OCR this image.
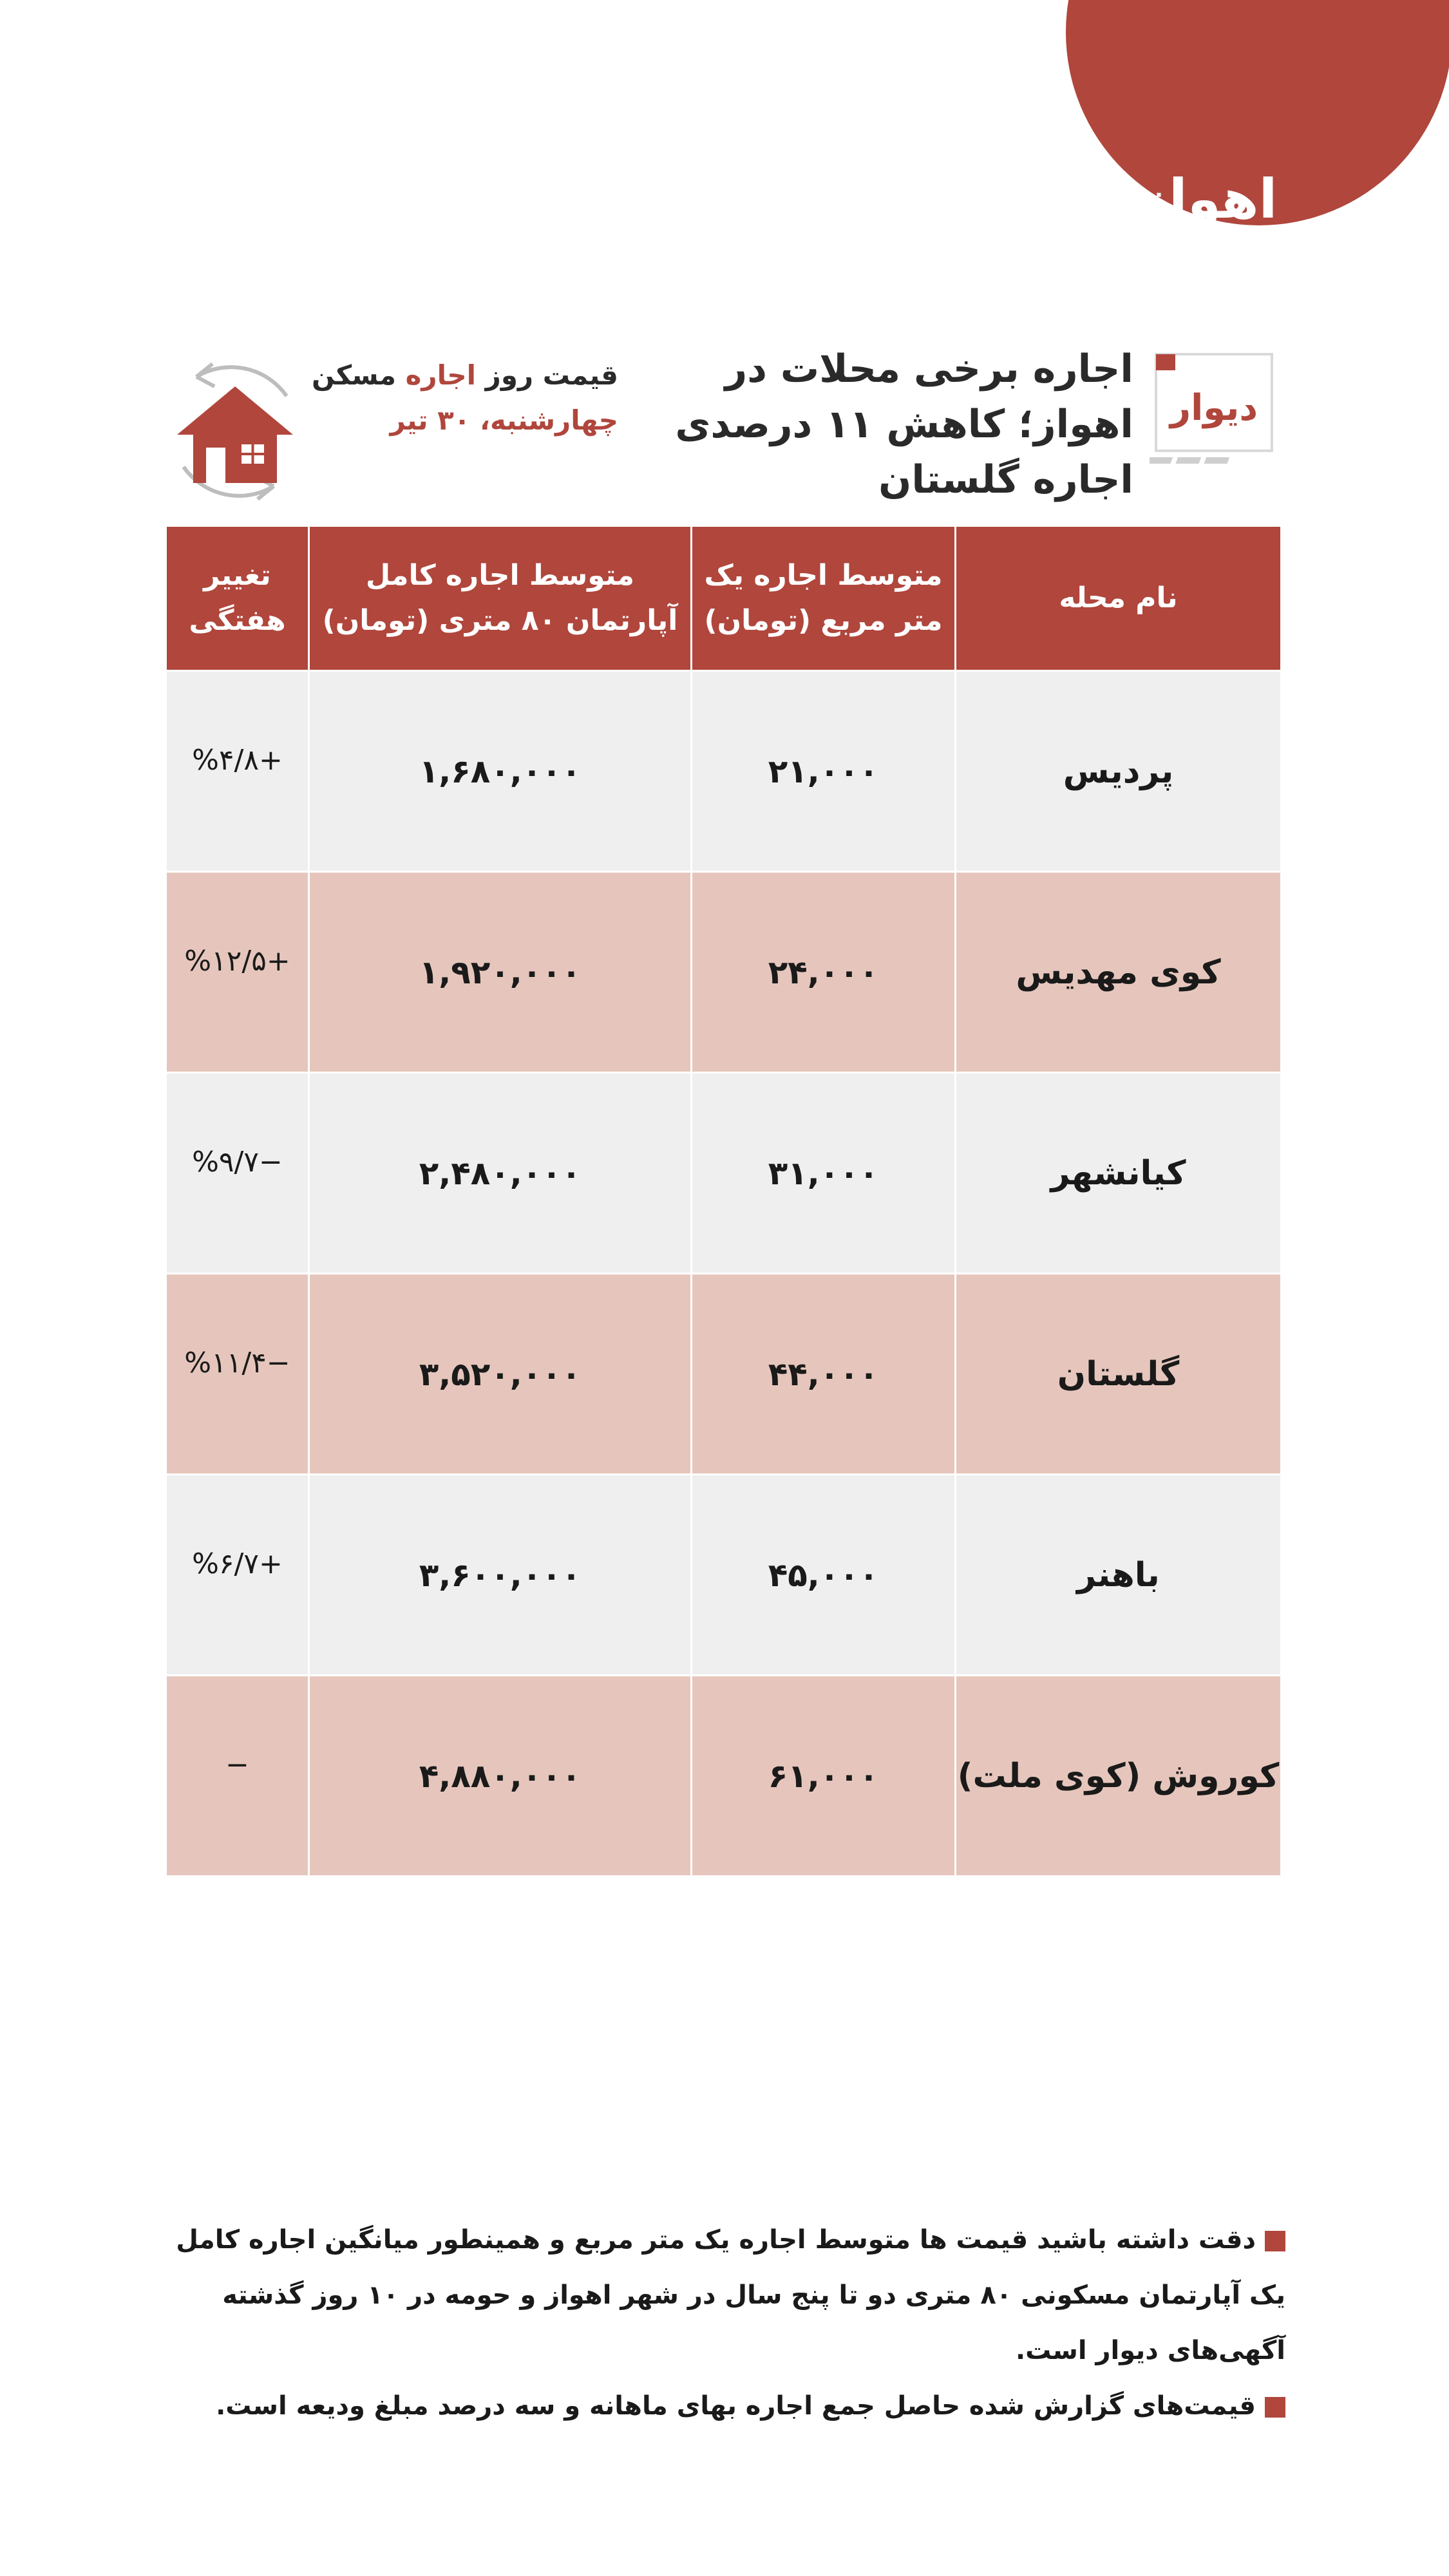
اهواز
دیوار
اجاره برخی محلات در
اهواز؛ کاهش ۱۱ درصدی
اجاره گلستان
قیمت روز اجاره مسکن
چهارشنبه، ۳۰ تیر
نام محله	متوسط اجاره یک متر مربع (تومان)	متوسط اجاره کامل آپارتمان ۸۰ متری (تومان)	تغییر هفتگی
پردیس	۲۱,۰۰۰	۱,۶۸۰,۰۰۰	+%۴/۸
کوی مهدیس	۲۴,۰۰۰	۱,۹۲۰,۰۰۰	+%۱۲/۵
کیانشهر	۳۱,۰۰۰	۲,۴۸۰,۰۰۰	−%۹/۷
گلستان	۴۴,۰۰۰	۳,۵۲۰,۰۰۰	−%۱۱/۴
باهنر	۴۵,۰۰۰	۳,۶۰۰,۰۰۰	+%۶/۷
کوروش (کوی ملت)	۶۱,۰۰۰	۴,۸۸۰,۰۰۰	−
دقت داشته باشید قیمت ها متوسط اجاره یک متر مربع و همینطور میانگین اجاره کامل یک آپارتمان مسکونی ۸۰ متری دو تا پنج سال در شهر اهواز و حومه در ۱۰ روز گذشته آگهی‌های دیوار است.
قیمت‌های گزارش شده حاصل جمع اجاره بهای ماهانه و سه درصد مبلغ ودیعه است.
